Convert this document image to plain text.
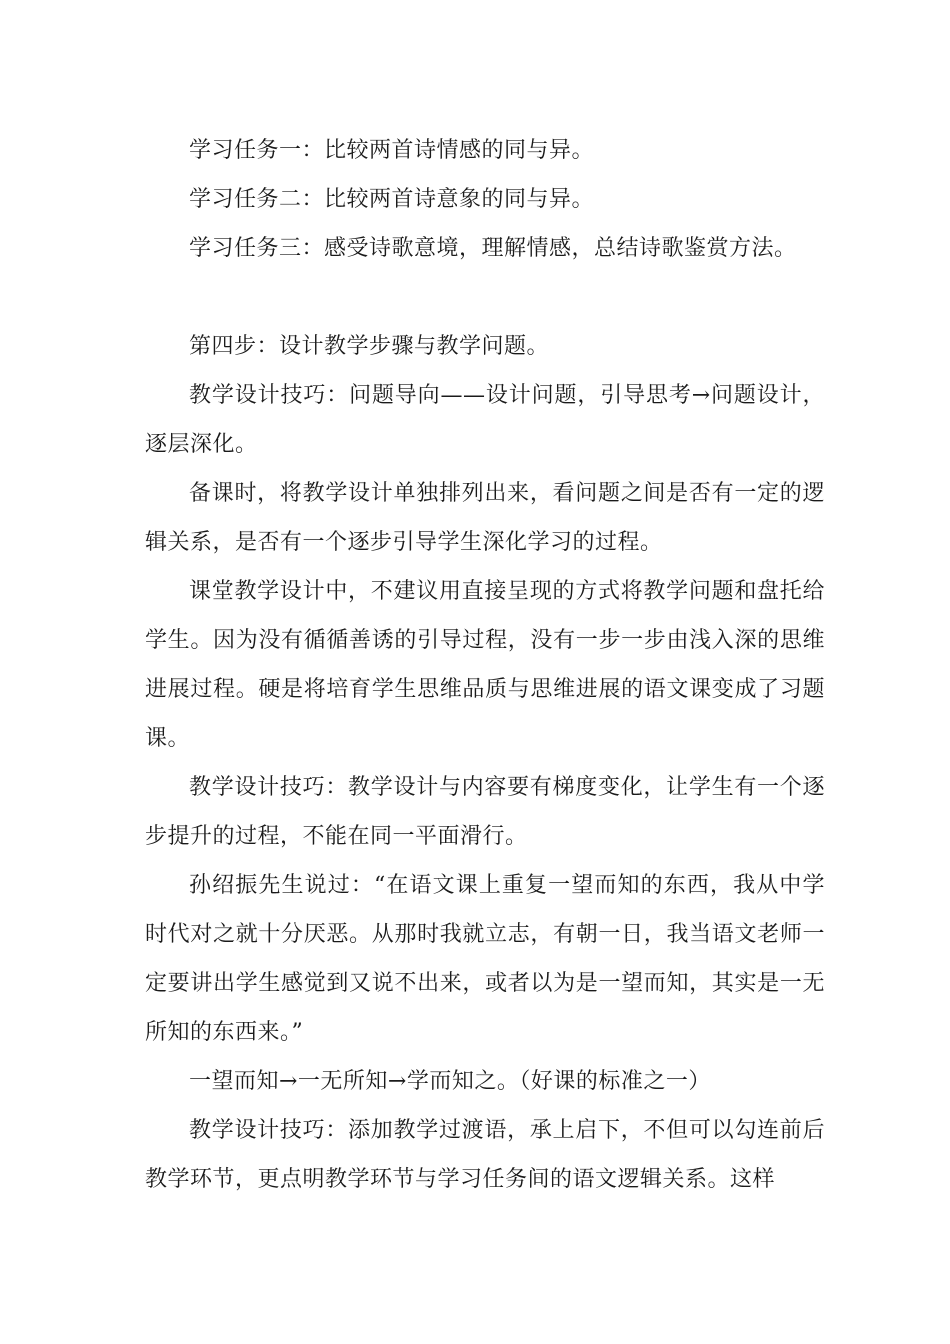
学习任务一：比较两首诗情感的同与异。

学习任务二：比较两首诗意象的同与异。

学习任务三：感受诗歌意境，理解情感，总结诗歌鉴赏方法。

第四步：设计教学步骤与教学问题。

教学设计技巧：问题导向——设计问题，引导思考→问题设计，逐层深化。

备课时，将教学设计单独排列出来，看问题之间是否有一定的逻辑关系，是否有一个逐步引导学生深化学习的过程。

课堂教学设计中，不建议用直接呈现的方式将教学问题和盘托给学生。因为没有循循善诱的引导过程，没有一步一步由浅入深的思维进展过程。硬是将培育学生思维品质与思维进展的语文课变成了习题课。

教学设计技巧：教学设计与内容要有梯度变化，让学生有一个逐步提升的过程，不能在同一平面滑行。

孙绍振先生说过：“在语文课上重复一望而知的东西，我从中学时代对之就十分厌恶。从那时我就立志，有朝一日，我当语文老师一定要讲出学生感觉到又说不出来，或者以为是一望而知，其实是一无所知的东西来。”

一望而知→一无所知→学而知之。（好课的标准之一）

教学设计技巧：添加教学过渡语，承上启下，不但可以勾连前后教学环节，更点明教学环节与学习任务间的语文逻辑关系。这样
